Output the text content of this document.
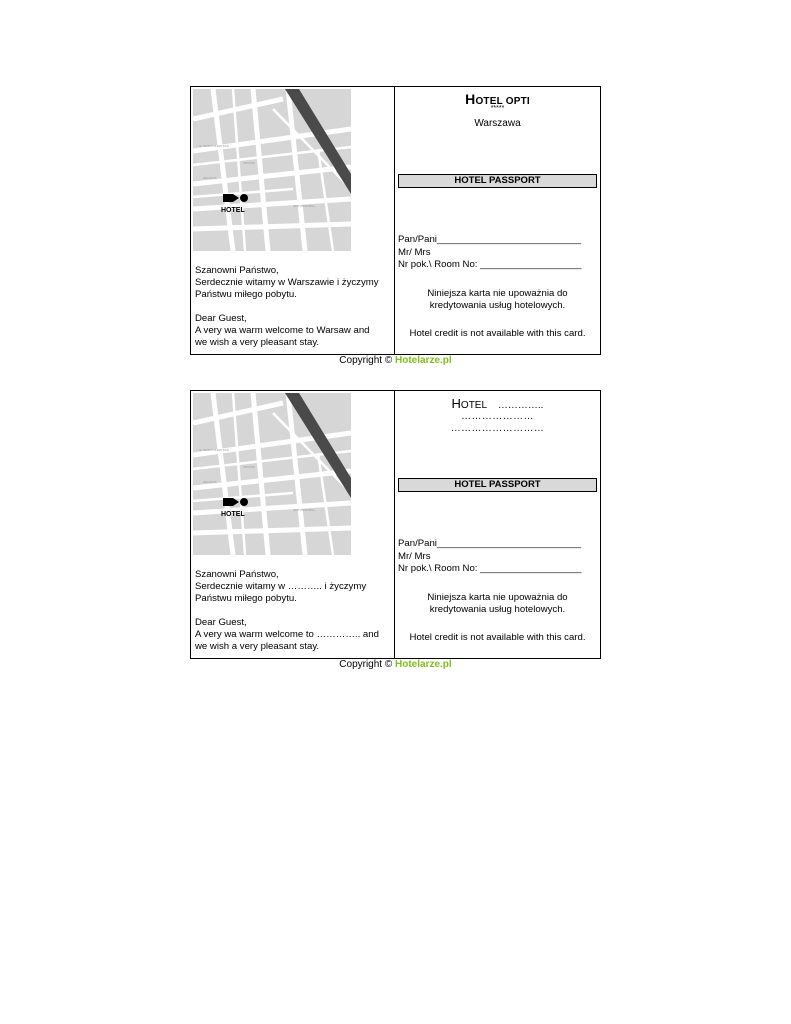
ul. ŚWIĘTOKRZYSKA
PROSTA
ŻELAZNA
GRZYBOWSKA
HOTEL

Szanowni Państwo,

Serdecznie witamy w Warszawie i życzymy

Państwu miłego pobytu.

Dear Guest,

A very wa warm welcome to Warsaw and

we wish a very pleasant stay.

HOTEL OPTI
*****
Warszawa
HOTEL PASSPORT
Pan/Pani___________________________
Mr/ Mrs
Nr pok.\ Room No: ___________________

Niniejsza karta nie upoważnia do

kredytowania usług hotelowych.

Hotel credit is not available with this card.
Copyright © Hotelarze.pl
ul. ŚWIĘTOKRZYSKA
PROSTA
ŻELAZNA
GRZYBOWSKA
HOTEL

Szanowni Państwo,

Serdecznie witamy w ……….. i życzymy

Państwu miłego pobytu.

Dear Guest,

A very wa warm welcome to ………….. and

we wish a very pleasant stay.

HOTEL …………..
…………………
………………………
HOTEL PASSPORT
Pan/Pani___________________________
Mr/ Mrs
Nr pok.\ Room No: ___________________

Niniejsza karta nie upoważnia do

kredytowania usług hotelowych.

Hotel credit is not available with this card.
Copyright © Hotelarze.pl
